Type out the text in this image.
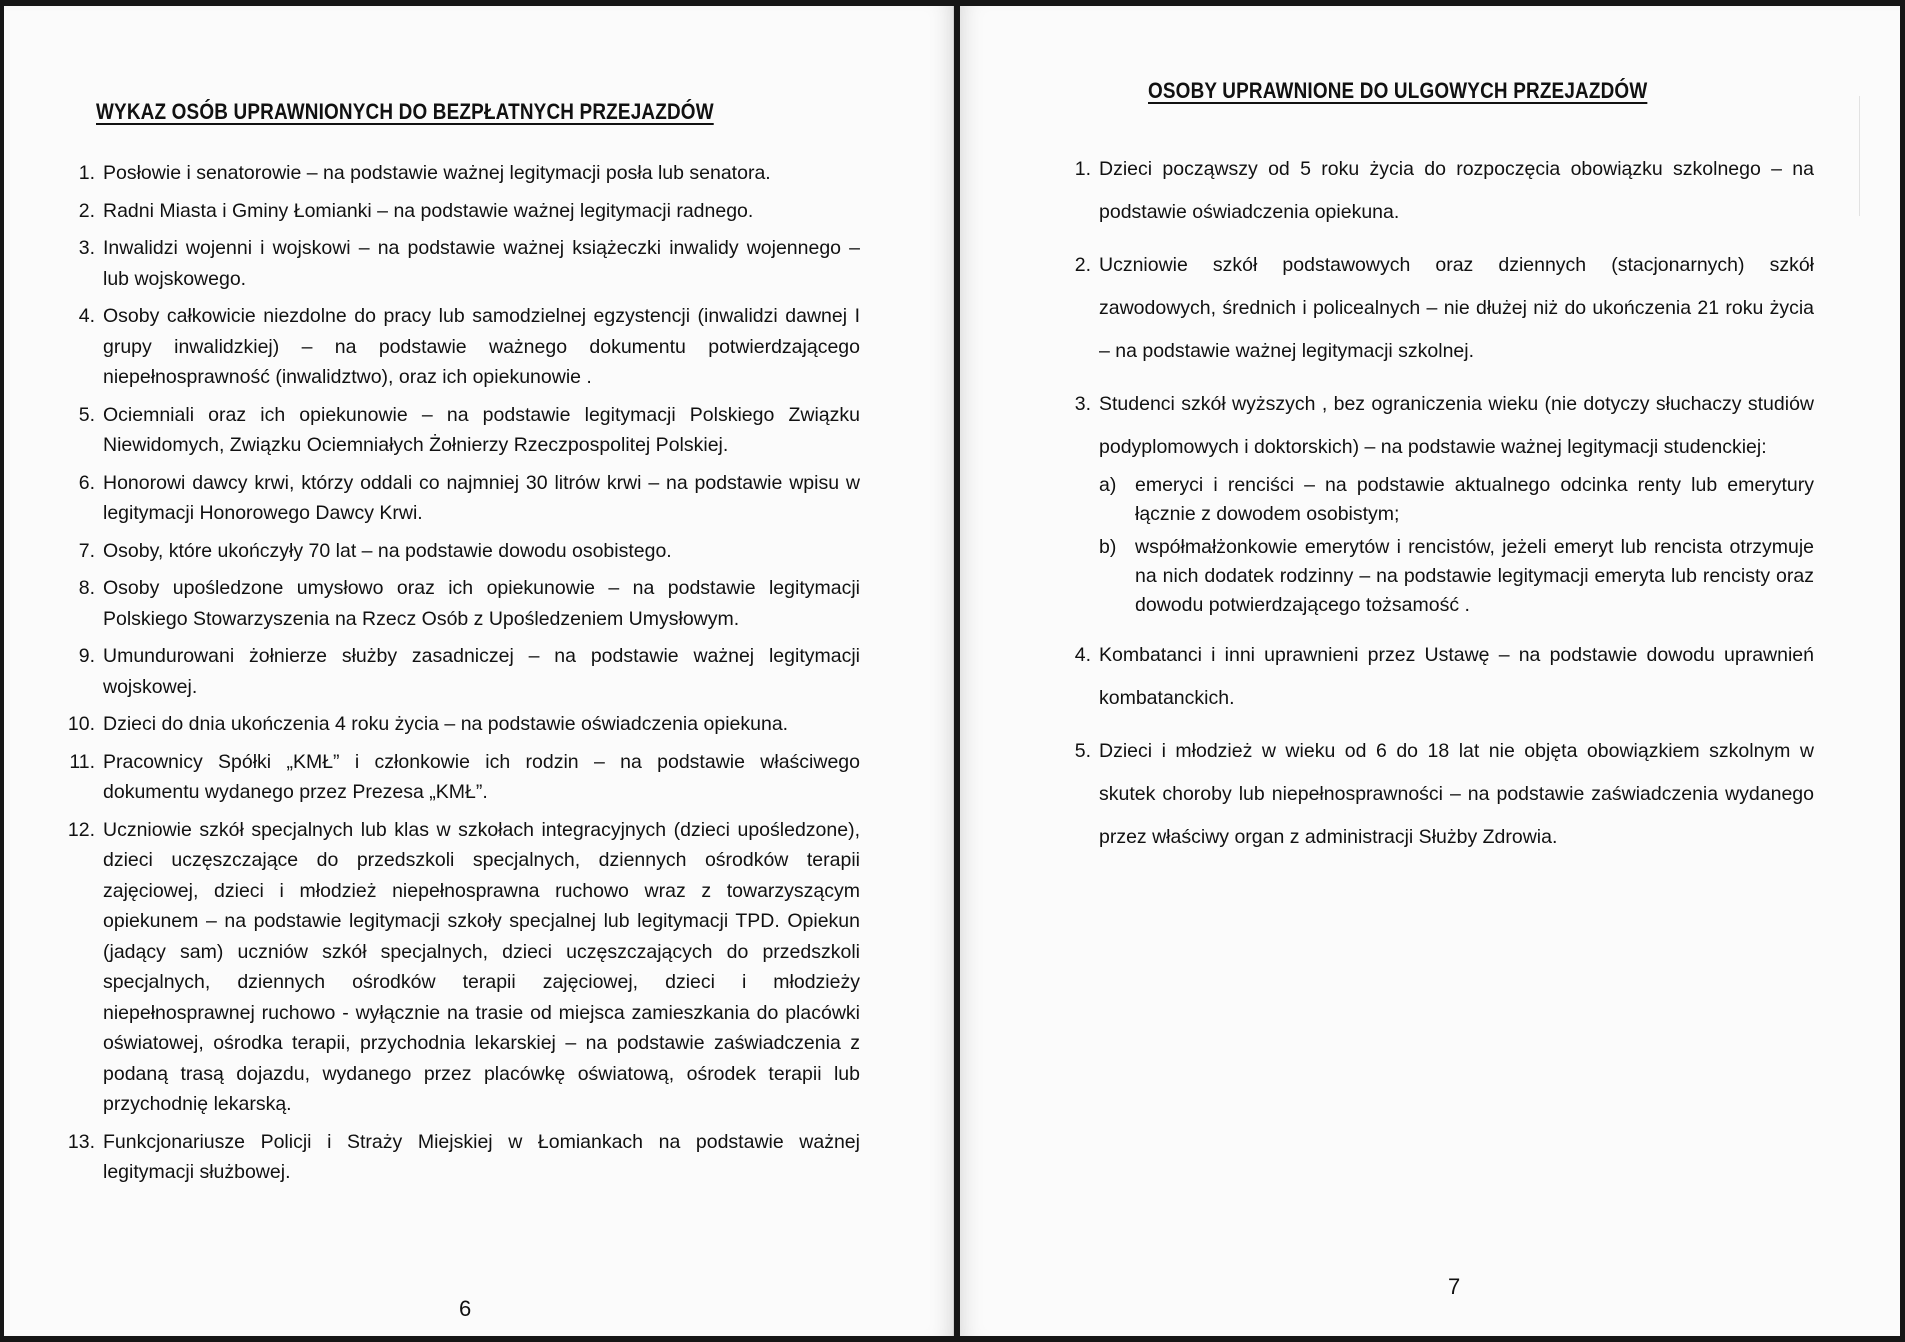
WYKAZ OSÓB UPRAWNIONYCH DO BEZPŁATNYCH PRZEJAZDÓW
1. Posłowie i senatorowie – na podstawie ważnej legitymacji posła lub senatora.
2. Radni Miasta i Gminy Łomianki – na podstawie ważnej legitymacji radnego.
3. Inwalidzi wojenni i wojskowi – na podstawie ważnej książeczki inwalidy wojennego – lub wojskowego.
4. Osoby całkowicie niezdolne do pracy lub samodzielnej egzystencji (inwalidzi dawnej I grupy inwalidzkiej) – na podstawie ważnego dokumentu potwierdzającego niepełnosprawność (inwalidztwo), oraz ich opiekunowie .
5. Ociemniali oraz ich opiekunowie – na podstawie legitymacji Polskiego Związku Niewidomych, Związku Ociemniałych Żołnierzy Rzeczpospolitej Polskiej.
6. Honorowi dawcy krwi, którzy oddali co najmniej 30 litrów krwi – na podstawie wpisu w legitymacji Honorowego Dawcy Krwi.
7. Osoby, które ukończyły 70 lat – na podstawie dowodu osobistego.
8. Osoby upośledzone umysłowo oraz ich opiekunowie – na podstawie legitymacji Polskiego Stowarzyszenia na Rzecz Osób z Upośledzeniem Umysłowym.
9. Umundurowani żołnierze służby zasadniczej – na podstawie ważnej legitymacji wojskowej.
10. Dzieci do dnia ukończenia 4 roku życia – na podstawie oświadczenia opiekuna.
11. Pracownicy Spółki „KMŁ” i członkowie ich rodzin – na podstawie właściwego dokumentu wydanego przez Prezesa „KMŁ”.
12. Uczniowie szkół specjalnych lub klas w szkołach integracyjnych (dzieci upośledzone), dzieci uczęszczające do przedszkoli specjalnych, dziennych ośrodków terapii zajęciowej, dzieci i młodzież niepełnosprawna ruchowo wraz z towarzyszącym opiekunem – na podstawie legitymacji szkoły specjalnej lub legitymacji TPD. Opiekun (jadący sam) uczniów szkół specjalnych, dzieci uczęszczających do przedszkoli specjalnych, dziennych ośrodków terapii zajęciowej, dzieci i młodzieży niepełnosprawnej ruchowo - wyłącznie na trasie od miejsca zamieszkania do placówki oświatowej, ośrodka terapii, przychodnia lekarskiej – na podstawie zaświadczenia z podaną trasą dojazdu, wydanego przez placówkę oświatową, ośrodek terapii lub przychodnię lekarską.
13. Funkcjonariusze Policji i Straży Miejskiej w Łomiankach na podstawie ważnej legitymacji służbowej.
6
OSOBY UPRAWNIONE DO ULGOWYCH PRZEJAZDÓW
1. Dzieci począwszy od 5 roku życia do rozpoczęcia obowiązku szkolnego – na podstawie oświadczenia opiekuna.
2. Uczniowie szkół podstawowych oraz dziennych (stacjonarnych) szkół zawodowych, średnich i policealnych – nie dłużej niż do ukończenia 21 roku życia – na podstawie ważnej legitymacji szkolnej.
3. Studenci szkół wyższych , bez ograniczenia wieku (nie dotyczy słuchaczy studiów podyplomowych i doktorskich) – na podstawie ważnej legitymacji studenckiej:
a) emeryci i renciści – na podstawie aktualnego odcinka renty lub emerytury łącznie z dowodem osobistym;
b) współmałżonkowie emerytów i rencistów, jeżeli emeryt lub rencista otrzymuje na nich dodatek rodzinny – na podstawie legitymacji emeryta lub rencisty oraz dowodu potwierdzającego tożsamość .
4. Kombatanci i inni uprawnieni przez Ustawę – na podstawie dowodu uprawnień kombatanckich.
5. Dzieci i młodzież w wieku od 6 do 18 lat nie objęta obowiązkiem szkolnym w skutek choroby lub niepełnosprawności – na podstawie zaświadczenia wydanego przez właściwy organ z administracji Służby Zdrowia.
7
